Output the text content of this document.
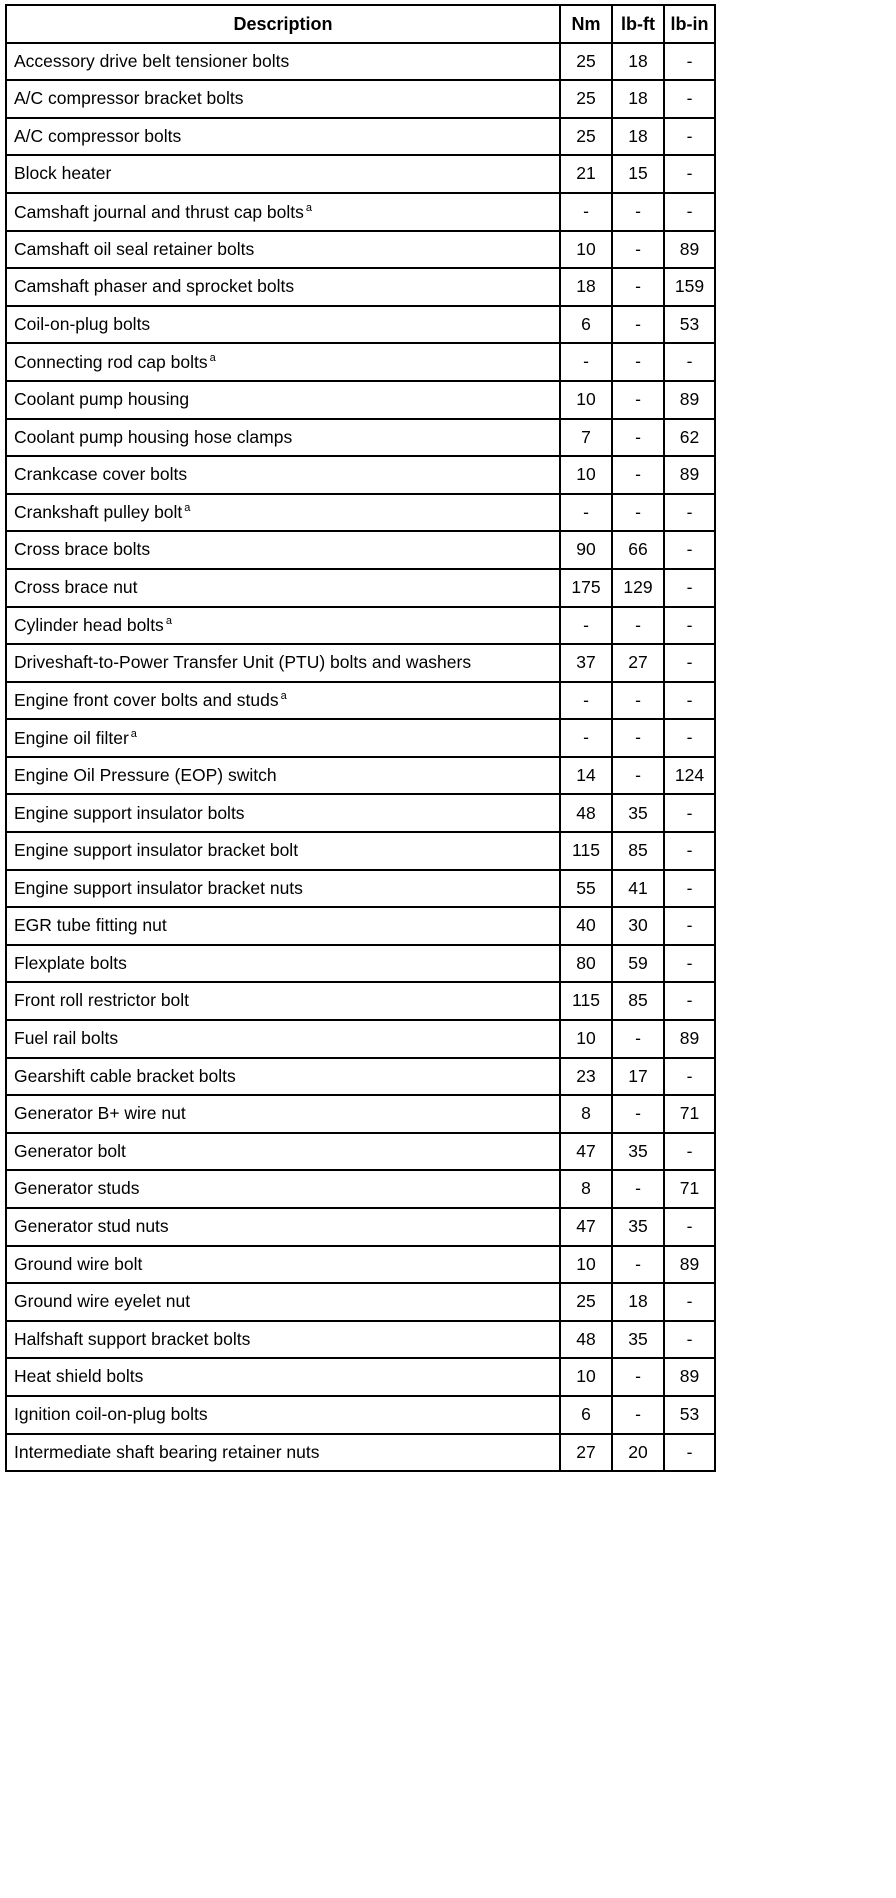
Description	Nm	lb-ft	lb-in
Accessory drive belt tensioner bolts	25	18	-
A/C compressor bracket bolts	25	18	-
A/C compressor bolts	25	18	-
Block heater	21	15	-
Camshaft journal and thrust cap bolts $^a$	-	-	-
Camshaft oil seal retainer bolts	10	-	89
Camshaft phaser and sprocket bolts	18	-	159
Coil-on-plug bolts	6	-	53
Connecting rod cap bolts $^a$	-	-	-
Coolant pump housing	10	-	89
Coolant pump housing hose clamps	7	-	62
Crankcase cover bolts	10	-	89
Crankshaft pulley bolt $^a$	-	-	-
Cross brace bolts	90	66	-
Cross brace nut	175	129	-
Cylinder head bolts $^a$	-	-	-
Driveshaft-to-Power Transfer Unit (PTU) bolts and washers	37	27	-
Engine front cover bolts and studs $^a$	-	-	-
Engine oil filter $^a$	-	-	-
Engine Oil Pressure (EOP) switch	14	-	124
Engine support insulator bolts	48	35	-
Engine support insulator bracket bolt	115	85	-
Engine support insulator bracket nuts	55	41	-
EGR tube fitting nut	40	30	-
Flexplate bolts	80	59	-
Front roll restrictor bolt	115	85	-
Fuel rail bolts	10	-	89
Gearshift cable bracket bolts	23	17	-
Generator B+ wire nut	8	-	71
Generator bolt	47	35	-
Generator studs	8	-	71
Generator stud nuts	47	35	-
Ground wire bolt	10	-	89
Ground wire eyelet nut	25	18	-
Halfshaft support bracket bolts	48	35	-
Heat shield bolts	10	-	89
Ignition coil-on-plug bolts	6	-	53
Intermediate shaft bearing retainer nuts	27	20	-
